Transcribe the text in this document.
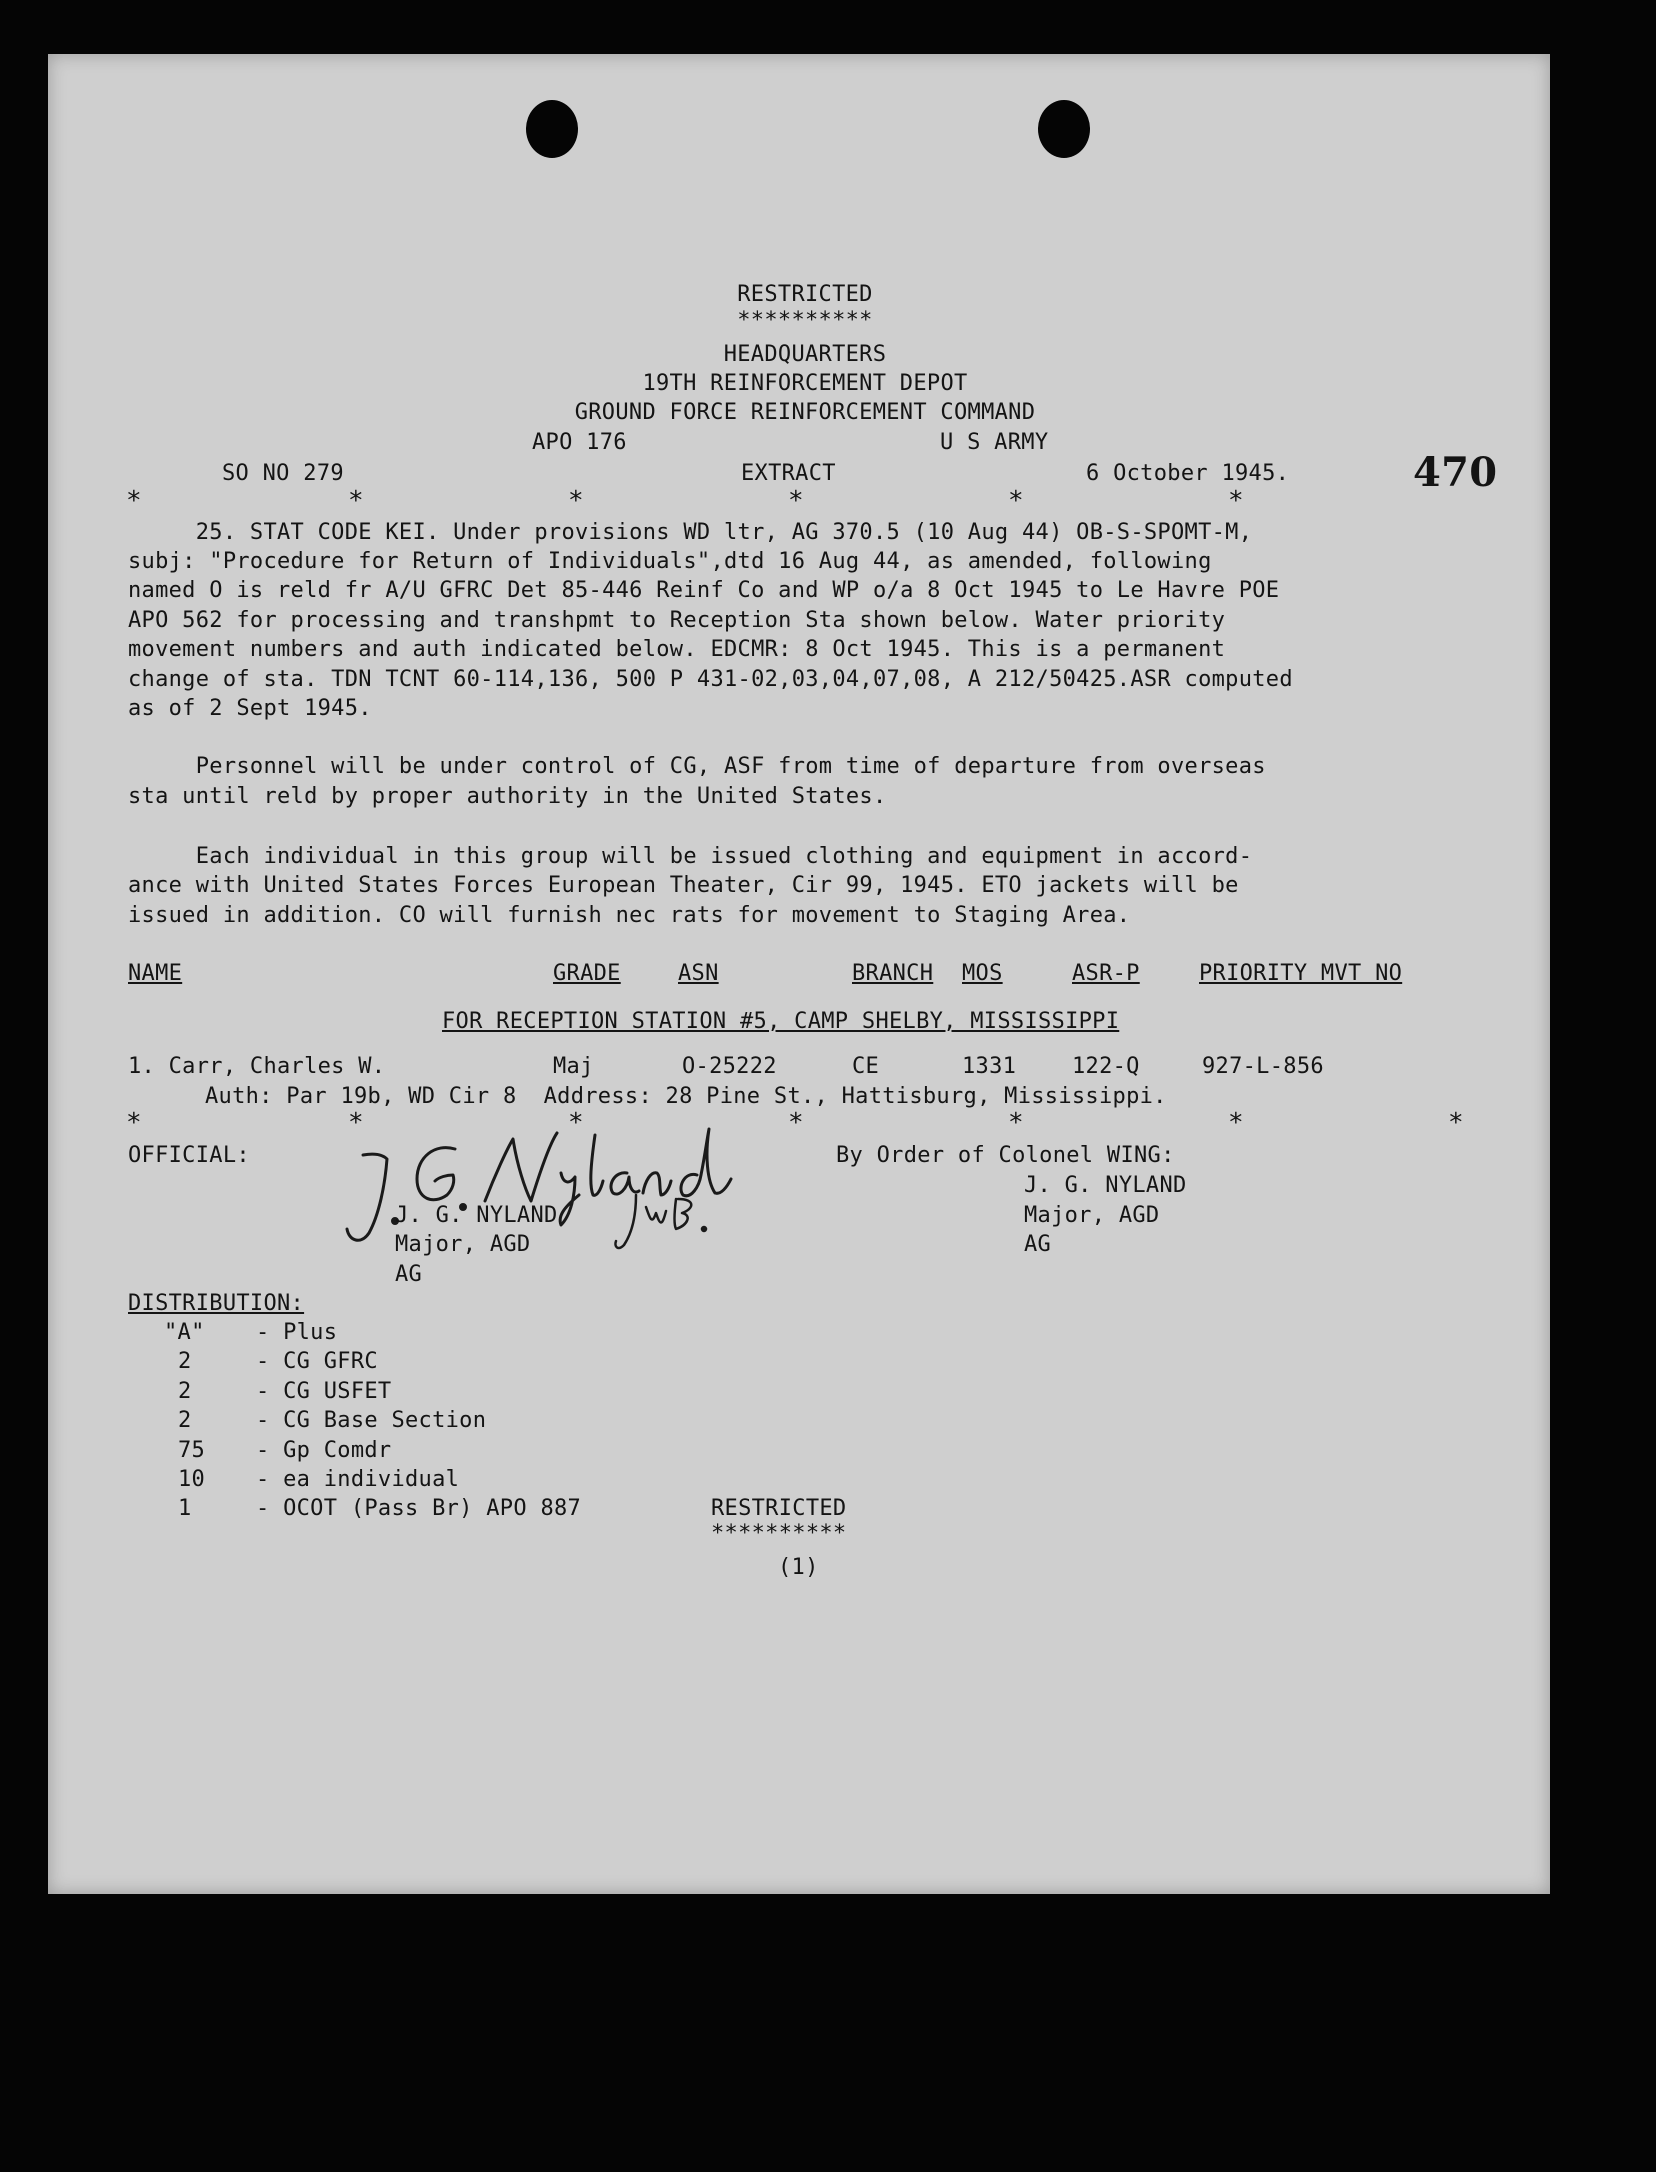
RESTRICTED
**********
HEADQUARTERS
19TH REINFORCEMENT DEPOT
GROUND FORCE REINFORCEMENT COMMAND
APO 176	U S ARMY
SO NO 279	EXTRACT	6 October 1945.	470
*	*	*	*	*	*
25. STAT CODE KEI. Under provisions WD ltr, AG 370.5 (10 Aug 44) OB-S-SPOMT-M,
subj: "Procedure for Return of Individuals",dtd 16 Aug 44, as amended, following
named O is reld fr A/U GFRC Det 85-446 Reinf Co and WP o/a 8 Oct 1945 to Le Havre POE
APO 562 for processing and transhpmt to Reception Sta shown below. Water priority
movement numbers and auth indicated below. EDCMR: 8 Oct 1945. This is a permanent
change of sta. TDN TCNT 60-114,136, 500 P 431-02,03,04,07,08, A 212/50425.ASR computed
as of 2 Sept 1945.
Personnel will be under control of CG, ASF from time of departure from overseas
sta until reld by proper authority in the United States.
Each individual in this group will be issued clothing and equipment in accord-
ance with United States Forces European Theater, Cir 99, 1945. ETO jackets will be
issued in addition. CO will furnish nec rats for movement to Staging Area.
NAME	GRADE	ASN	BRANCH MOS	ASR-P	PRIORITY MVT NO
FOR RECEPTION STATION #5, CAMP SHELBY, MISSISSIPPI
1. Carr, Charles W.	Maj	O-25222	CE	1331	122-Q	927-L-856
Auth: Par 19b, WD Cir 8  Address: 28 Pine St., Hattisburg, Mississippi.
*	*	*	*	*	*	*
OFFICIAL:	By Order of Colonel WING:
J. G. NYLAND
Major, AGD
AG
J. G. NYLAND
Major, AGD
AG
DISTRIBUTION:
"A" - Plus
2	- CG GFRC
2	- CG USFET
2	- CG Base Section
75 - Gp Comdr
10 - ea individual
1	- OCOT (Pass Br) APO 887	RESTRICTED
**********
(1)
